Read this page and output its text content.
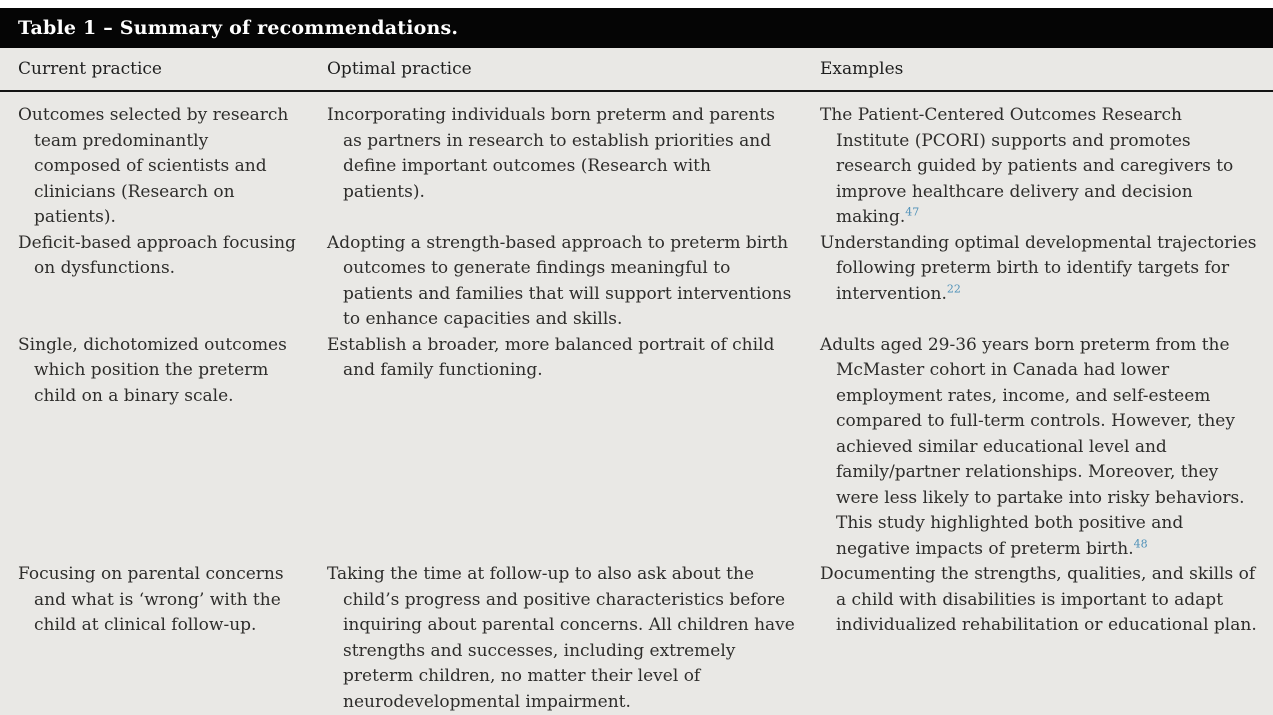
Table 1 – Summary of recommendations.
Current practice	Optimal practice	Examples
Outcomes selected by research team predominantly composed of scientists and clinicians (Research on patients).
Incorporating individuals born preterm and parents as partners in research to establish priorities and define important outcomes (Research with patients).
The Patient-Centered Outcomes Research Institute (PCORI) supports and promotes research guided by patients and caregivers to improve healthcare delivery and decision making.$^{47}$
Deficit-based approach focusing on dysfunctions.
Adopting a strength-based approach to preterm birth outcomes to generate findings meaningful to patients and families that will support interventions to enhance capacities and skills.
Understanding optimal developmental trajectories following preterm birth to identify targets for intervention.$^{22}$
Single, dichotomized outcomes which position the preterm child on a binary scale.
Establish a broader, more balanced portrait of child and family functioning.
Adults aged 29-36 years born preterm from the McMaster cohort in Canada had lower employment rates, income, and self-esteem compared to full-term controls. However, they achieved similar educational level and family/partner relationships. Moreover, they were less likely to partake into risky behaviors. This study highlighted both positive and negative impacts of preterm birth.$^{48}$
Focusing on parental concerns and what is ‘wrong’ with the child at clinical follow-up.
Taking the time at follow-up to also ask about the child’s progress and positive characteristics before inquiring about parental concerns. All children have strengths and successes, including extremely preterm children, no matter their level of neurodevelopmental impairment.
Documenting the strengths, qualities, and skills of a child with disabilities is important to adapt individualized rehabilitation or educational plan.
